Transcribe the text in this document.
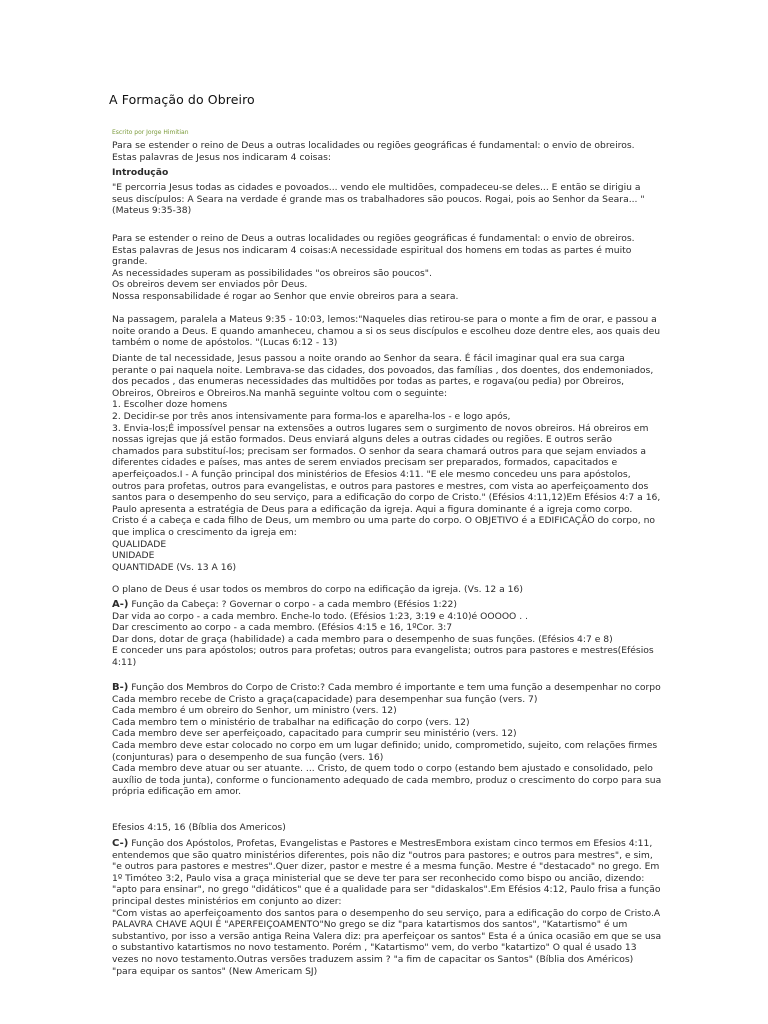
A Formação do Obreiro
Escrito por Jorge Himitian
Para se estender o reino de Deus a outras localidades ou regiões geográficas é fundamental: o envio de obreiros. Estas palavras de Jesus nos indicaram 4 coisas:
Introdução
"E percorria Jesus todas as cidades e povoados... vendo ele multidões, compadeceu-se deles... E então se dirigiu a seus discípulos: A Seara na verdade é grande mas os trabalhadores são poucos. Rogai, pois ao Senhor da Seara... "
(Mateus 9:35-38)
Para se estender o reino de Deus a outras localidades ou regiões geográficas é fundamental: o envio de obreiros. Estas palavras de Jesus nos indicaram 4 coisas:A necessidade espiritual dos homens em todas as partes é muito grande.
As necessidades superam as possibilidades "os obreiros são poucos".
Os obreiros devem ser enviados pôr Deus.
Nossa responsabilidade é rogar ao Senhor que envie obreiros para a seara.
Na passagem, paralela a Mateus 9:35 - 10:03, lemos:"Naqueles dias retirou-se para o monte a fim de orar, e passou a noite orando a Deus. E quando amanheceu, chamou a si os seus discípulos e escolheu doze dentre eles, aos quais deu também o nome de apóstolos. "(Lucas 6:12 - 13)
Diante de tal necessidade, Jesus passou a noite orando ao Senhor da seara. É fácil imaginar qual era sua carga perante o pai naquela noite. Lembrava-se das cidades, dos povoados, das famílias , dos doentes, dos endemoniados, dos pecados , das enumeras necessidades das multidões por todas as partes, e rogava(ou pedia) por Obreiros, Obreiros, Obreiros e Obreiros.Na manhã seguinte voltou com o seguinte:
1. Escolher doze homens
2. Decidir-se por três anos intensivamente para forma-los e aparelha-los - e logo após,
3. Envia-los;É impossível pensar na extensões a outros lugares sem o surgimento de novos obreiros. Há obreiros em nossas igrejas que já estão formados. Deus enviará alguns deles a outras cidades ou regiões. E outros serão chamados para substituí-los; precisam ser formados. O senhor da seara chamará outros para que sejam enviados a diferentes cidades e países, mas antes de serem enviados precisam ser preparados, formados, capacitados e aperfeiçoados.I - A função principal dos ministérios de Efesios 4:11. "E ele mesmo concedeu uns para apóstolos, outros para profetas, outros para evangelistas, e outros para pastores e mestres, com vista ao aperfeiçoamento dos santos para o desempenho do seu serviço, para a edificação do corpo de Cristo." (Efésios 4:11,12)Em Efésios 4:7 a 16, Paulo apresenta a estratégia de Deus para a edificação da igreja. Aqui a figura dominante é a igreja como corpo. Cristo é a cabeça e cada filho de Deus, um membro ou uma parte do corpo. O OBJETIVO é a EDIFICAÇÃO do corpo, no que implica o crescimento da igreja em:
QUALIDADE
UNIDADE
QUANTIDADE (Vs. 13 A 16)
O plano de Deus é usar todos os membros do corpo na edificação da igreja. (Vs. 12 a 16)
A-) Função da Cabeça: ? Governar o corpo - a cada membro (Efésios 1:22)
Dar vida ao corpo - a cada membro. Enche-lo todo. (Efésios 1:23, 3:19 e 4:10)é OOOOO . .
Dar crescimento ao corpo - a cada membro. (Efésios 4:15 e 16, 1ºCor. 3:7
Dar dons, dotar de graça (habilidade) a cada membro para o desempenho de suas funções. (Efésios 4:7 e 8)
E conceder uns para apóstolos; outros para profetas; outros para evangelista; outros para pastores e mestres(Efésios 4:11)
B-) Função dos Membros do Corpo de Cristo:? Cada membro é importante e tem uma função a desempenhar no corpo
Cada membro recebe de Cristo a graça(capacidade) para desempenhar sua função (vers. 7)
Cada membro é um obreiro do Senhor, um ministro (vers. 12)
Cada membro tem o ministério de trabalhar na edificação do corpo (vers. 12)
Cada membro deve ser aperfeiçoado, capacitado para cumprir seu ministério (vers. 12)
Cada membro deve estar colocado no corpo em um lugar definido; unido, comprometido, sujeito, com relações firmes (conjunturas) para o desempenho de sua função (vers. 16)
Cada membro deve atuar ou ser atuante. ... Cristo, de quem todo o corpo (estando bem ajustado e consolidado, pelo auxílio de toda junta), conforme o funcionamento adequado de cada membro, produz o crescimento do corpo para sua própria edificação em amor.
Efesios 4:15, 16 (Bíblia dos Americos)
C-) Função dos Apóstolos, Profetas, Evangelistas e Pastores e MestresEmbora existam cinco termos em Efesios 4:11, entendemos que são quatro ministérios diferentes, pois não diz "outros para pastores; e outros para mestres", e sim, "e outros para pastores e mestres".Quer dizer, pastor e mestre é a mesma função. Mestre é "destacado" no grego. Em 1º Timóteo 3:2, Paulo visa a graça ministerial que se deve ter para ser reconhecido como bispo ou ancião, dizendo: "apto para ensinar", no grego "didáticos" que é a qualidade para ser "didaskalos".Em Efésios 4:12, Paulo frisa a função principal destes ministérios em conjunto ao dizer:
"Com vistas ao aperfeiçoamento dos santos para o desempenho do seu serviço, para a edificação do corpo de Cristo.A PALAVRA CHAVE AQUI É "APERFEIÇOAMENTO"No grego se diz "para katartismos dos santos", "Katartismo" é um substantivo, por isso a versão antiga Reina Valera diz: pra aperfeiçoar os santos" Esta é a única ocasião em que se usa o substantivo katartismos no novo testamento. Porém , "Katartismo" vem, do verbo "katartizo" O qual é usado 13 vezes no novo testamento.Outras versões traduzem assim ? "a fim de capacitar os Santos" (Bíblia dos Américos)
"para equipar os santos" (New Americam SJ)
